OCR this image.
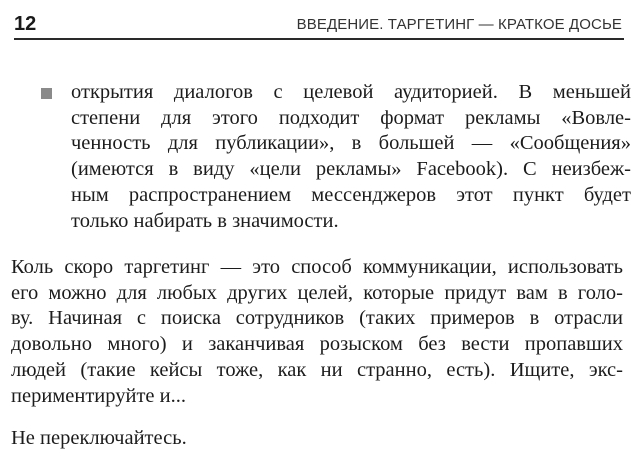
12	ВВЕДЕНИЕ. ТАРГЕТИНГ — КРАТКОЕ ДОСЬЕ
открытия диалогов с целевой аудиторией. В меньшей
степени для этого подходит формат рекламы «Вовле-
ченность для публикации», в большей — «Сообщения»
(имеются в виду «цели рекламы» Facebook). С неизбеж-
ным распространением мессенджеров этот пункт будет
только набирать в значимости.
Коль скоро таргетинг — это способ коммуникации, использовать
его можно для любых других целей, которые придут вам в голо-
ву. Начиная с поиска сотрудников (таких примеров в отрасли
довольно много) и заканчивая розыском без вести пропавших
людей (такие кейсы тоже, как ни странно, есть). Ищите, экс-
периментируйте и...
Не переключайтесь.
